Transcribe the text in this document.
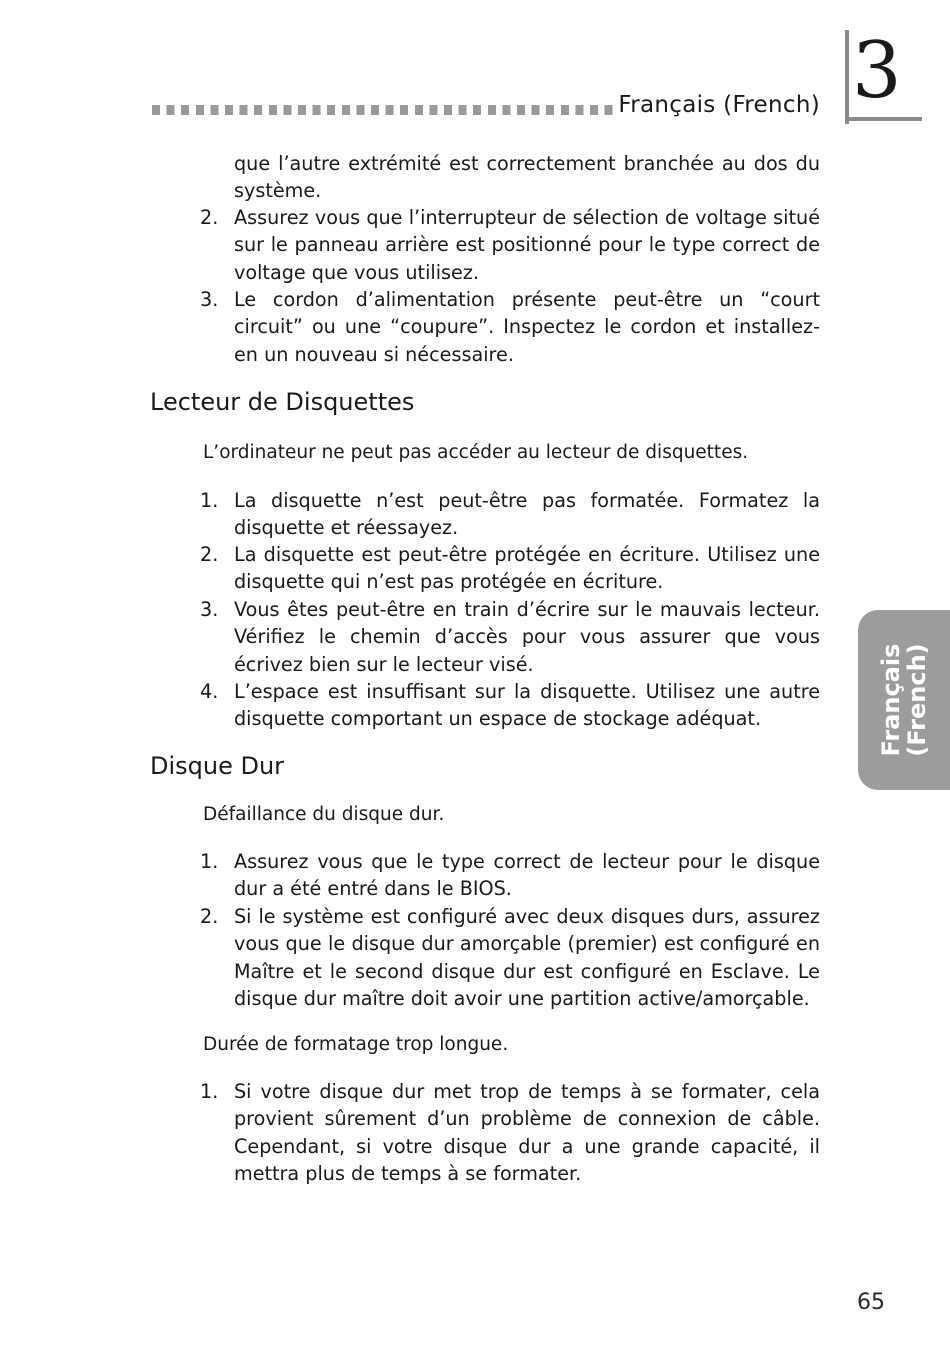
Français (French) 3
Français
(French)
que l’autre extrémité est correctement branchée au dos du système.
2. Assurez vous que l’interrupteur de sélection de voltage situé sur le panneau arrière est positionné pour le type correct de voltage que vous utilisez.
3. Le cordon d’alimentation présente peut-être un “court circuit” ou une “coupure”. Inspectez le cordon et installez-en un nouveau si nécessaire.
Lecteur de Disquettes
L’ordinateur ne peut pas accéder au lecteur de disquettes.
1. La disquette n’est peut-être pas formatée. Formatez la disquette et réessayez.
2. La disquette est peut-être protégée en écriture. Utilisez une disquette qui n’est pas protégée en écriture.
3. Vous êtes peut-être en train d’écrire sur le mauvais lecteur. Vérifiez le chemin d’accès pour vous assurer que vous écrivez bien sur le lecteur visé.
4. L’espace est insuffisant sur la disquette. Utilisez une autre disquette comportant un espace de stockage adéquat.
Disque Dur
Défaillance du disque dur.
1. Assurez vous que le type correct de lecteur pour le disque dur a été entré dans le BIOS.
2. Si le système est configuré avec deux disques durs, assurez vous que le disque dur amorçable (premier) est configuré en Maître et le second disque dur est configuré en Esclave. Le disque dur maître doit avoir une partition active/amorçable.
Durée de formatage trop longue.
1. Si votre disque dur met trop de temps à se formater, cela provient sûrement d’un problème de connexion de câble. Cependant, si votre disque dur a une grande capacité, il mettra plus de temps à se formater.
65
